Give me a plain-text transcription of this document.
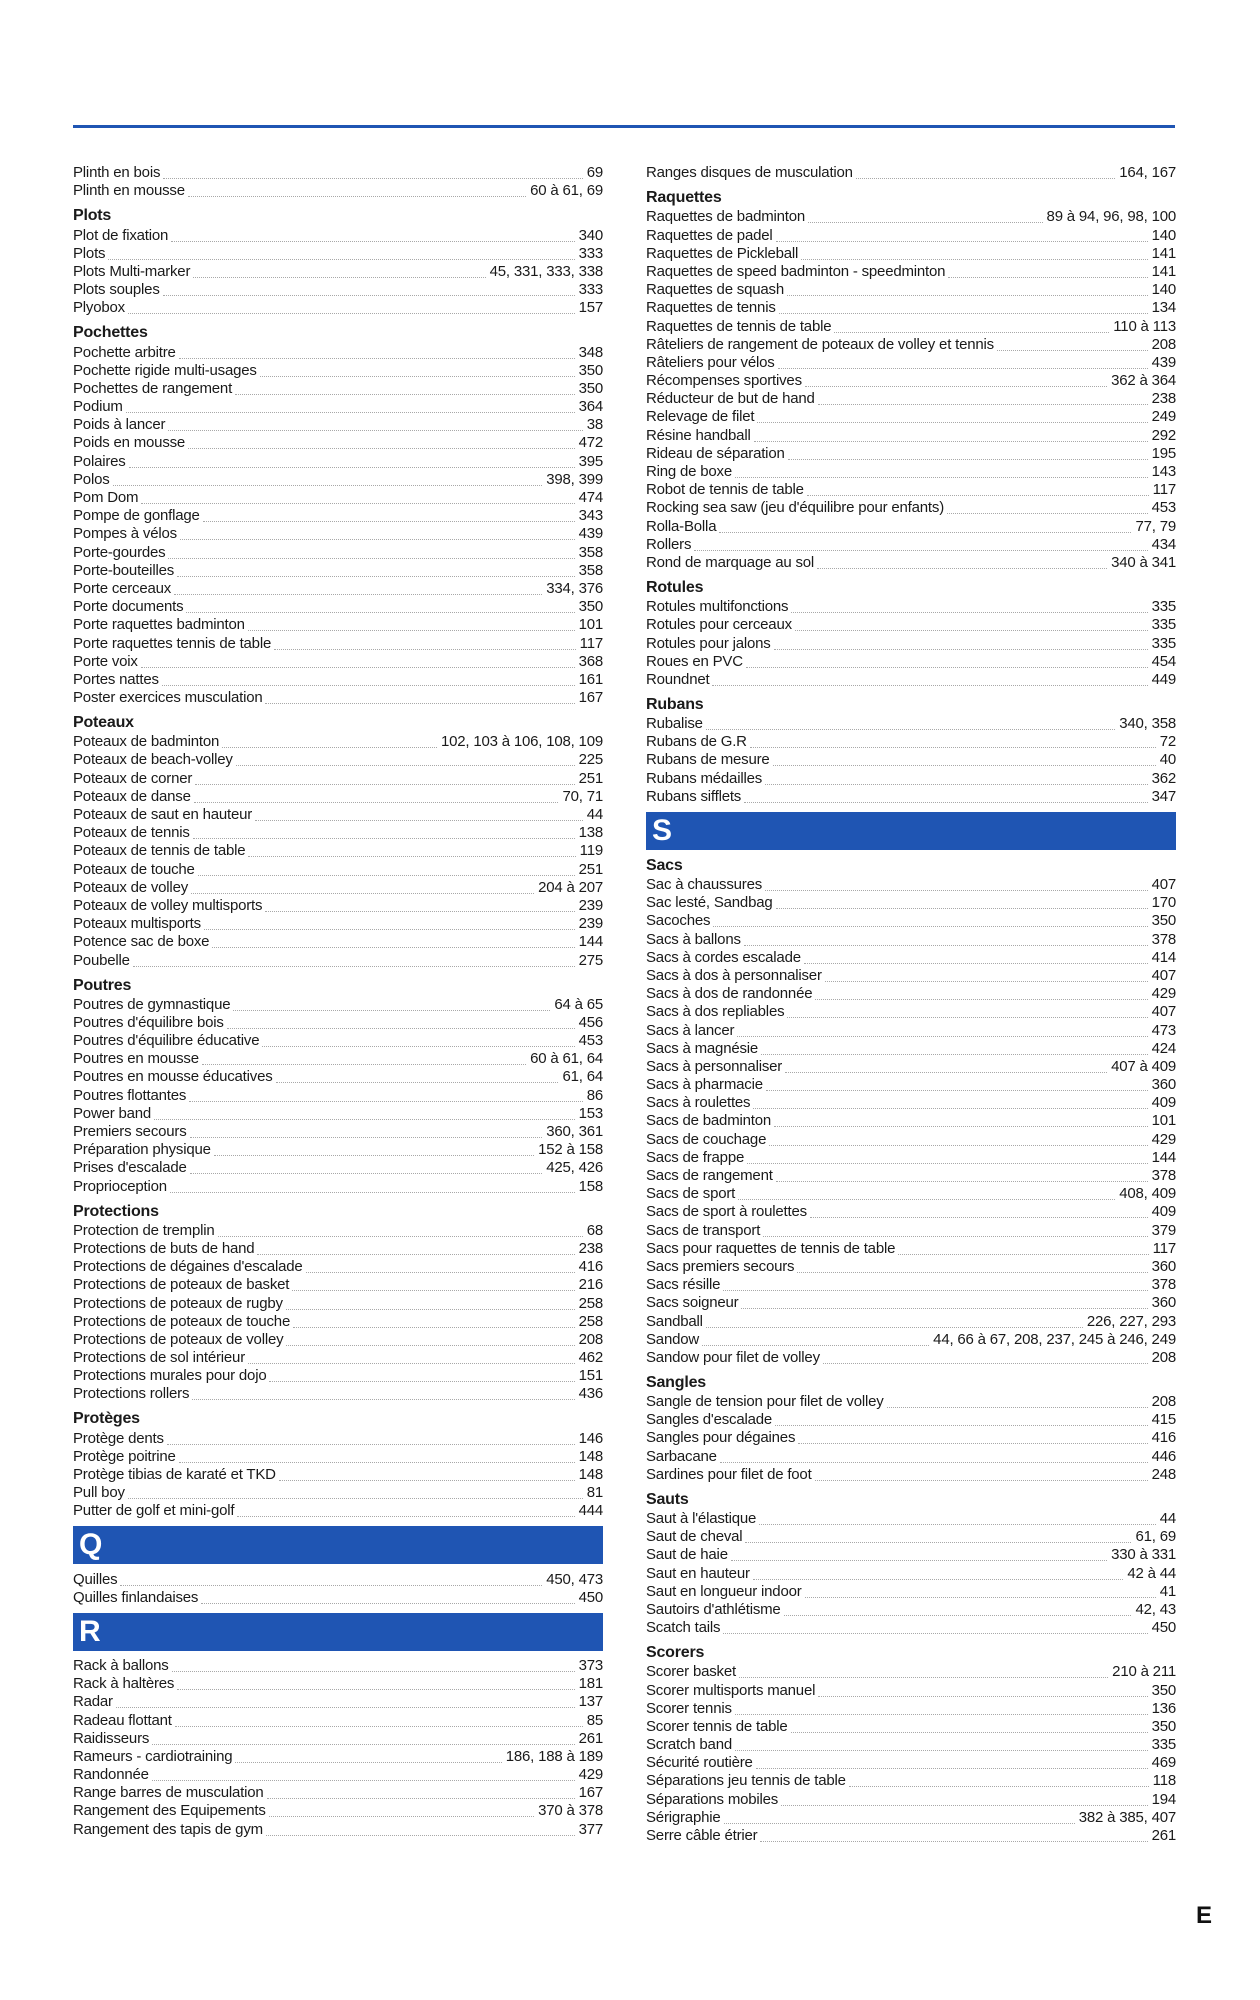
Plinth en bois	69
Plinth en mousse	60 à 61, 69
Plots
Plot de fixation	340
Plots	333
Plots Multi-marker	45, 331, 333, 338
Plots souples	333
Plyobox	157
Pochettes
Pochette arbitre	348
Pochette rigide multi-usages	350
Pochettes de rangement	350
Podium	364
Poids à lancer	38
Poids en mousse	472
Polaires	395
Polos	398, 399
Pom Dom	474
Pompe de gonflage	343
Pompes à vélos	439
Porte-gourdes	358
Porte-bouteilles	358
Porte cerceaux	334, 376
Porte documents	350
Porte raquettes badminton	101
Porte raquettes tennis de table	117
Porte voix	368
Portes nattes	161
Poster exercices musculation	167
Poteaux
Poteaux de badminton	102, 103 à 106, 108, 109
Poteaux de beach-volley	225
Poteaux de corner	251
Poteaux de danse	70, 71
Poteaux de saut en hauteur	44
Poteaux de tennis	138
Poteaux de tennis de table	119
Poteaux de touche	251
Poteaux de volley	204 à 207
Poteaux de volley multisports	239
Poteaux multisports	239
Potence sac de boxe	144
Poubelle	275
Poutres
Poutres de gymnastique	64 à 65
Poutres d'équilibre bois	456
Poutres d'équilibre éducative	453
Poutres en mousse	60 à 61, 64
Poutres en mousse éducatives	61, 64
Poutres flottantes	86
Power band	153
Premiers secours	360, 361
Préparation physique	152 à 158
Prises d'escalade	425, 426
Proprioception	158
Protections
Protection de tremplin	68
Protections de buts de hand	238
Protections de dégaines d'escalade	416
Protections de poteaux de basket	216
Protections de poteaux de rugby	258
Protections de poteaux de touche	258
Protections de poteaux de volley	208
Protections de sol intérieur	462
Protections murales pour dojo	151
Protections rollers	436
Protèges
Protège dents	146
Protège poitrine	148
Protège tibias de karaté et TKD	148
Pull boy	81
Putter de golf et mini-golf	444
Q
Quilles	450, 473
Quilles finlandaises	450
R
Rack à ballons	373
Rack à haltères	181
Radar	137
Radeau flottant	85
Raidisseurs	261
Rameurs - cardiotraining	186, 188 à 189
Randonnée	429
Range barres de musculation	167
Rangement des Equipements	370 à 378
Rangement des tapis de gym	377
Ranges disques de musculation	164, 167
Raquettes
Raquettes de badminton	89 à 94, 96, 98, 100
Raquettes de padel	140
Raquettes de Pickleball	141
Raquettes de speed badminton - speedminton	141
Raquettes de squash	140
Raquettes de tennis	134
Raquettes de tennis de table	110 à 113
Râteliers de rangement de poteaux de volley et tennis	208
Râteliers pour vélos	439
Récompenses sportives	362 à 364
Réducteur de but de hand	238
Relevage de filet	249
Résine handball	292
Rideau de séparation	195
Ring de boxe	143
Robot de tennis de table	117
Rocking sea saw (jeu d'équilibre pour enfants)	453
Rolla-Bolla	77, 79
Rollers	434
Rond de marquage au sol	340 à 341
Rotules
Rotules multifonctions	335
Rotules pour cerceaux	335
Rotules pour jalons	335
Roues en PVC	454
Roundnet	449
Rubans
Rubalise	340, 358
Rubans de G.R	72
Rubans de mesure	40
Rubans médailles	362
Rubans sifflets	347
S
Sacs
Sac à chaussures	407
Sac lesté, Sandbag	170
Sacoches	350
Sacs à ballons	378
Sacs à cordes escalade	414
Sacs à dos à personnaliser	407
Sacs à dos de randonnée	429
Sacs à dos repliables	407
Sacs à lancer	473
Sacs à magnésie	424
Sacs à personnaliser	407 à 409
Sacs à pharmacie	360
Sacs à roulettes	409
Sacs de badminton	101
Sacs de couchage	429
Sacs de frappe	144
Sacs de rangement	378
Sacs de sport	408, 409
Sacs de sport à roulettes	409
Sacs de transport	379
Sacs pour raquettes de tennis de table	117
Sacs premiers secours	360
Sacs résille	378
Sacs soigneur	360
Sandball	226, 227, 293
Sandow	44, 66 à 67, 208, 237, 245 à 246, 249
Sandow pour filet de volley	208
Sangles
Sangle de tension pour filet de volley	208
Sangles d'escalade	415
Sangles pour dégaines	416
Sarbacane	446
Sardines pour filet de foot	248
Sauts
Saut à l'élastique	44
Saut de cheval	61, 69
Saut de haie	330 à 331
Saut en hauteur	42 à 44
Saut en longueur indoor	41
Sautoirs d'athlétisme	42, 43
Scatch tails	450
Scorers
Scorer basket	210 à 211
Scorer multisports manuel	350
Scorer tennis	136
Scorer tennis de table	350
Scratch band	335
Sécurité routière	469
Séparations jeu tennis de table	118
Séparations mobiles	194
Sérigraphie	382 à 385, 407
Serre câble étrier	261
E
